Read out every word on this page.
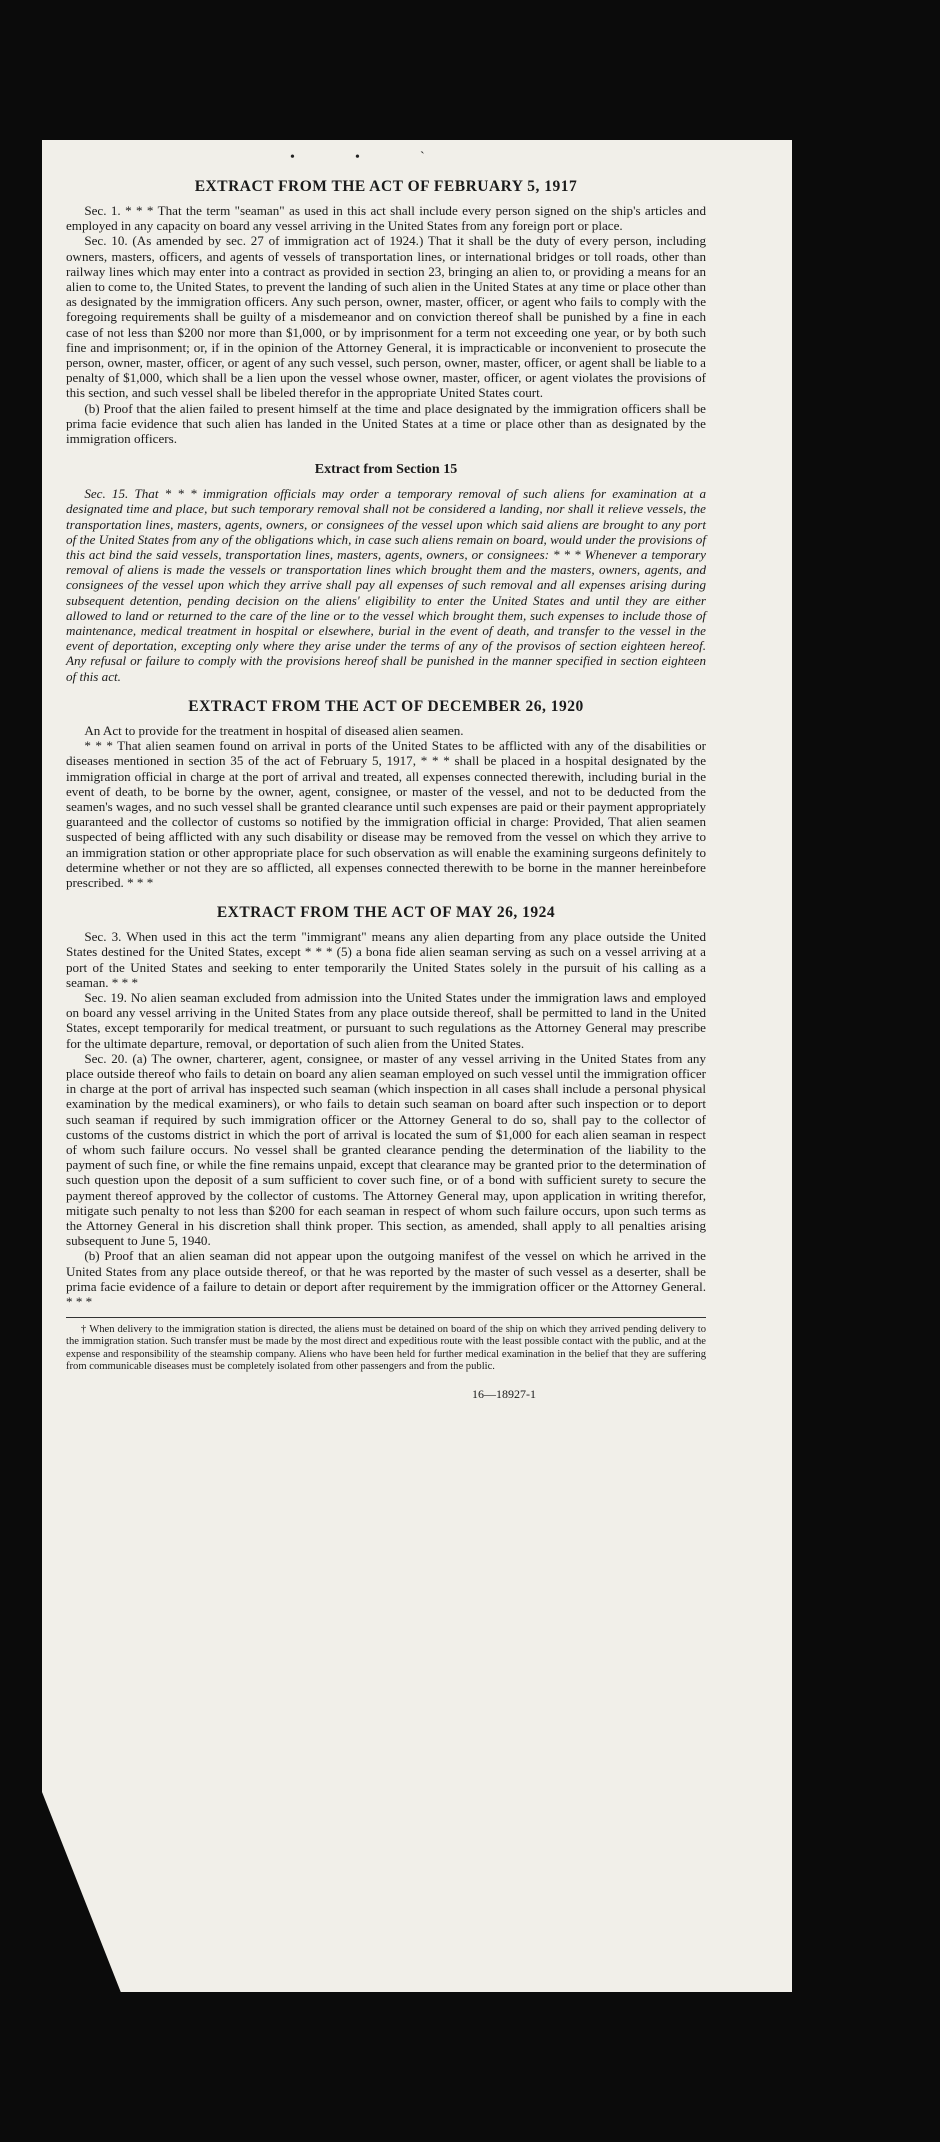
•	•	ˋ
EXTRACT FROM THE ACT OF FEBRUARY 5, 1917

Sec. 1. * * * That the term "seaman" as used in this act shall include every person signed on the ship's articles and employed in any capacity on board any vessel arriving in the United States from any foreign port or place.

Sec. 10. (As amended by sec. 27 of immigration act of 1924.) That it shall be the duty of every person, including owners, masters, officers, and agents of vessels of transportation lines, or international bridges or toll roads, other than railway lines which may enter into a contract as provided in section 23, bringing an alien to, or providing a means for an alien to come to, the United States, to prevent the landing of such alien in the United States at any time or place other than as designated by the immigration officers. Any such person, owner, master, officer, or agent who fails to comply with the foregoing requirements shall be guilty of a misdemeanor and on conviction thereof shall be punished by a fine in each case of not less than $200 nor more than $1,000, or by imprisonment for a term not exceeding one year, or by both such fine and imprisonment; or, if in the opinion of the Attorney General, it is impracticable or inconvenient to prosecute the person, owner, master, officer, or agent of any such vessel, such person, owner, master, officer, or agent shall be liable to a penalty of $1,000, which shall be a lien upon the vessel whose owner, master, officer, or agent violates the provisions of this section, and such vessel shall be libeled therefor in the appropriate United States court.

(b) Proof that the alien failed to present himself at the time and place designated by the immigration officers shall be prima facie evidence that such alien has landed in the United States at a time or place other than as designated by the immigration officers.

Extract from Section 15

Sec. 15. That * * * immigration officials may order a temporary removal of such aliens for examination at a designated time and place, but such temporary removal shall not be considered a landing, nor shall it relieve vessels, the transportation lines, masters, agents, owners, or consignees of the vessel upon which said aliens are brought to any port of the United States from any of the obligations which, in case such aliens remain on board, would under the provisions of this act bind the said vessels, transportation lines, masters, agents, owners, or consignees: * * * Whenever a temporary removal of aliens is made the vessels or transportation lines which brought them and the masters, owners, agents, and consignees of the vessel upon which they arrive shall pay all expenses of such removal and all expenses arising during subsequent detention, pending decision on the aliens' eligibility to enter the United States and until they are either allowed to land or returned to the care of the line or to the vessel which brought them, such expenses to include those of maintenance, medical treatment in hospital or elsewhere, burial in the event of death, and transfer to the vessel in the event of deportation, excepting only where they arise under the terms of any of the provisos of section eighteen hereof. Any refusal or failure to comply with the provisions hereof shall be punished in the manner specified in section eighteen of this act.

EXTRACT FROM THE ACT OF DECEMBER 26, 1920

An Act to provide for the treatment in hospital of diseased alien seamen.

* * * That alien seamen found on arrival in ports of the United States to be afflicted with any of the disabilities or diseases mentioned in section 35 of the act of February 5, 1917, * * * shall be placed in a hospital designated by the immigration official in charge at the port of arrival and treated, all expenses connected therewith, including burial in the event of death, to be borne by the owner, agent, consignee, or master of the vessel, and not to be deducted from the seamen's wages, and no such vessel shall be granted clearance until such expenses are paid or their payment appropriately guaranteed and the collector of customs so notified by the immigration official in charge: Provided, That alien seamen suspected of being afflicted with any such disability or disease may be removed from the vessel on which they arrive to an immigration station or other appropriate place for such observation as will enable the examining surgeons definitely to determine whether or not they are so afflicted, all expenses connected therewith to be borne in the manner hereinbefore prescribed. * * *

EXTRACT FROM THE ACT OF MAY 26, 1924

Sec. 3. When used in this act the term "immigrant" means any alien departing from any place outside the United States destined for the United States, except * * * (5) a bona fide alien seaman serving as such on a vessel arriving at a port of the United States and seeking to enter temporarily the United States solely in the pursuit of his calling as a seaman. * * *

Sec. 19. No alien seaman excluded from admission into the United States under the immigration laws and employed on board any vessel arriving in the United States from any place outside thereof, shall be permitted to land in the United States, except temporarily for medical treatment, or pursuant to such regulations as the Attorney General may prescribe for the ultimate departure, removal, or deportation of such alien from the United States.

Sec. 20. (a) The owner, charterer, agent, consignee, or master of any vessel arriving in the United States from any place outside thereof who fails to detain on board any alien seaman employed on such vessel until the immigration officer in charge at the port of arrival has inspected such seaman (which inspection in all cases shall include a personal physical examination by the medical examiners), or who fails to detain such seaman on board after such inspection or to deport such seaman if required by such immigration officer or the Attorney General to do so, shall pay to the collector of customs of the customs district in which the port of arrival is located the sum of $1,000 for each alien seaman in respect of whom such failure occurs. No vessel shall be granted clearance pending the determination of the liability to the payment of such fine, or while the fine remains unpaid, except that clearance may be granted prior to the determination of such question upon the deposit of a sum sufficient to cover such fine, or of a bond with sufficient surety to secure the payment thereof approved by the collector of customs. The Attorney General may, upon application in writing therefor, mitigate such penalty to not less than $200 for each seaman in respect of whom such failure occurs, upon such terms as the Attorney General in his discretion shall think proper. This section, as amended, shall apply to all penalties arising subsequent to June 5, 1940.

(b) Proof that an alien seaman did not appear upon the outgoing manifest of the vessel on which he arrived in the United States from any place outside thereof, or that he was reported by the master of such vessel as a deserter, shall be prima facie evidence of a failure to detain or deport after requirement by the immigration officer or the Attorney General. * * *

† When delivery to the immigration station is directed, the aliens must be detained on board of the ship on which they arrived pending delivery to the immigration station. Such transfer must be made by the most direct and expeditious route with the least possible contact with the public, and at the expense and responsibility of the steamship company. Aliens who have been held for further medical examination in the belief that they are suffering from communicable diseases must be completely isolated from other passengers and from the public.

16—18927-1
